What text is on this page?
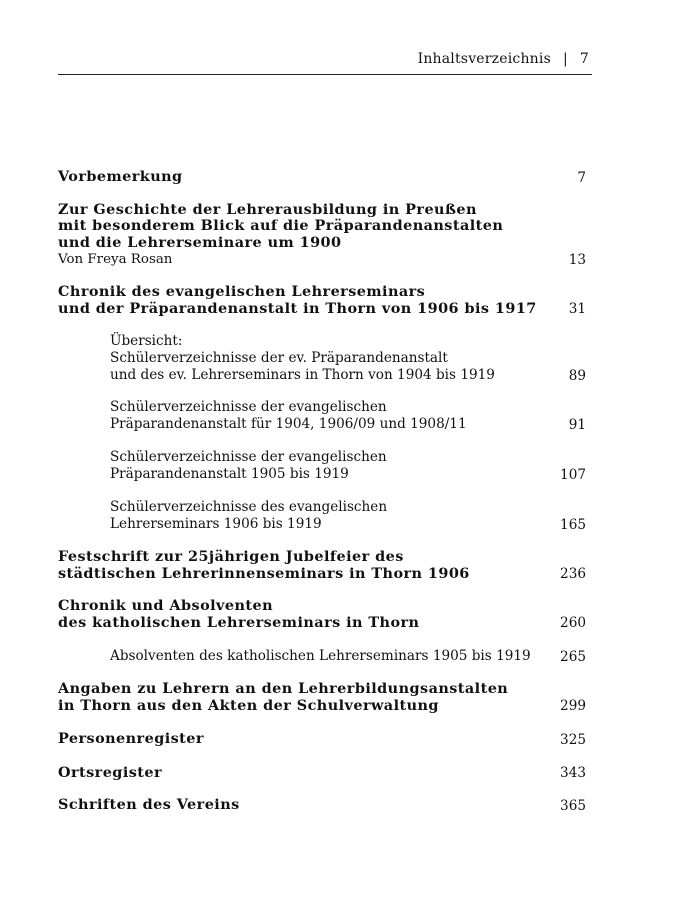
Inhaltsverzeichnis | 7
Vorbemerkung	7
Zur Geschichte der Lehrerausbildung in Preußen
mit besonderem Blick auf die Präparandenanstalten
und die Lehrerseminare um 1900
Von Freya Rosan	13
Chronik des evangelischen Lehrerseminars
und der Präparandenanstalt in Thorn von 1906 bis 1917	31
Übersicht:
Schülerverzeichnisse der ev. Präparandenanstalt
und des ev. Lehrerseminars in Thorn von 1904 bis 1919	89
Schülerverzeichnisse der evangelischen
Präparandenanstalt für 1904, 1906/09 und 1908/11	91
Schülerverzeichnisse der evangelischen
Präparandenanstalt 1905 bis 1919	107
Schülerverzeichnisse des evangelischen
Lehrerseminars 1906 bis 1919	165
Festschrift zur 25jährigen Jubelfeier des
städtischen Lehrerinnenseminars in Thorn 1906	236
Chronik und Absolventen
des katholischen Lehrerseminars in Thorn	260
Absolventen des katholischen Lehrerseminars 1905 bis 1919	265
Angaben zu Lehrern an den Lehrerbildungsanstalten
in Thorn aus den Akten der Schulverwaltung	299
Personenregister	325
Ortsregister	343
Schriften des Vereins	365
